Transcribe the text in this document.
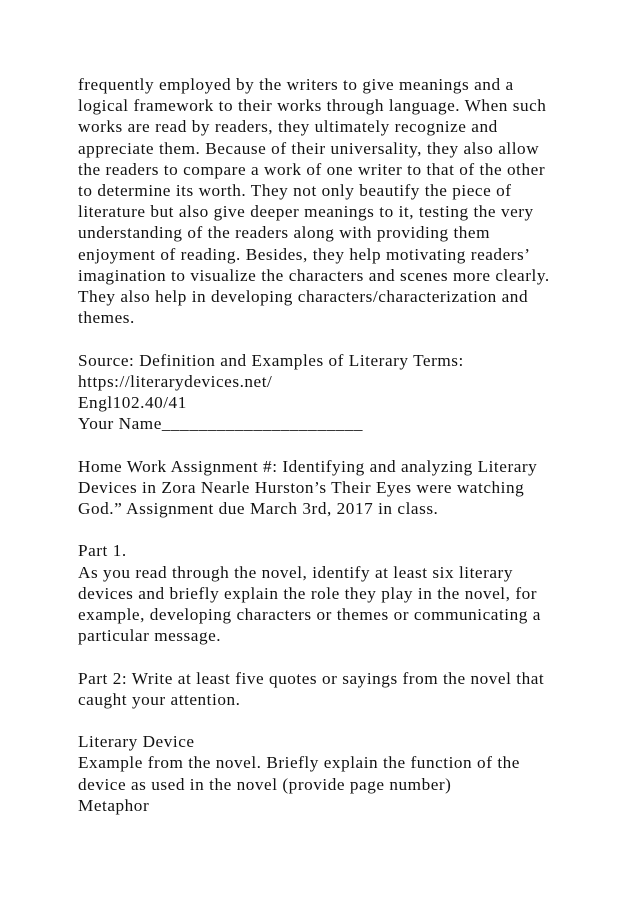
frequently employed by the writers to give meanings and a
logical framework to their works through language. When such
works are read by readers, they ultimately recognize and
appreciate them. Because of their universality, they also allow
the readers to compare a work of one writer to that of the other
to determine its worth. They not only beautify the piece of
literature but also give deeper meanings to it, testing the very
understanding of the readers along with providing them
enjoyment of reading. Besides, they help motivating readers’
imagination to visualize the characters and scenes more clearly.
They also help in developing characters/characterization and
themes.
Source: Definition and Examples of Literary Terms:
https://literarydevices.net/
Engl102.40/41
Your Name______________________
Home Work Assignment #: Identifying and analyzing Literary
Devices in Zora Nearle Hurston’s Their Eyes were watching
God.” Assignment due March 3rd, 2017 in class.
Part 1.
As you read through the novel, identify at least six literary
devices and briefly explain the role they play in the novel, for
example, developing characters or themes or communicating a
particular message.
Part 2: Write at least five quotes or sayings from the novel that
caught your attention.
Literary Device
Example from the novel. Briefly explain the function of the
device as used in the novel (provide page number)
Metaphor
